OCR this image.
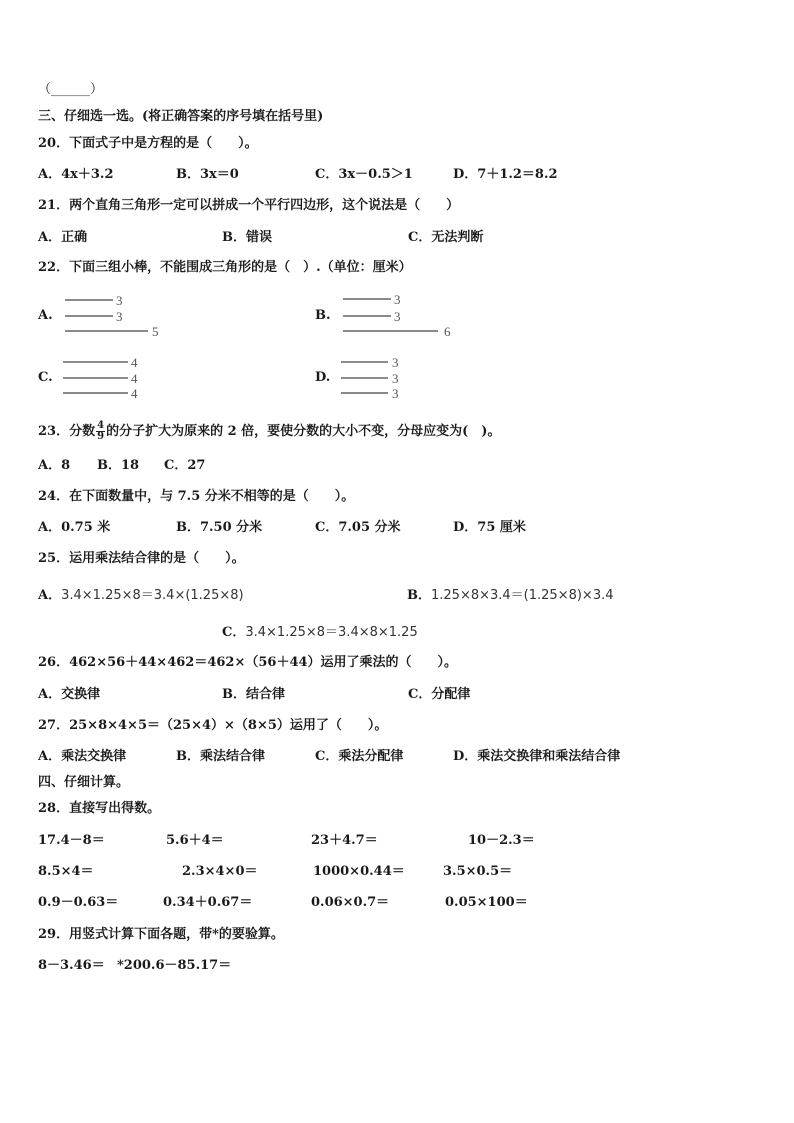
（______）
三、仔细选一选。(将正确答案的序号填在括号里)
20．下面式子中是方程的是（　　）。
A．4x＋3.2	B．3x＝0	C．3x－0.5＞1	D．7＋1.2＝8.2
21．两个直角三角形一定可以拼成一个平行四边形，这个说法是（　　）
A．正确	B．错误	C．无法判断
22．下面三组小棒，不能围成三角形的是（　）.（单位：厘米）
A.
3
3
5
B.
3
3
6
C.
4
4
4
D.
3
3
3
23．分数 $\frac{4}{9}$ 的分子扩大为原来的 2 倍，要使分数的大小不变，分母应变为(　)。
A．8 B．18 C．27
24．在下面数量中，与 7.5 分米不相等的是（　　）。
A．0.75 米	B．7.50 分米	C．7.05 分米	D．75 厘米
25．运用乘法结合律的是（　　）。
A．3.4×1.25×8＝3.4×(1.25×8)	B．1.25×8×3.4＝(1.25×8)×3.4
C．3.4×1.25×8＝3.4×8×1.25
26．462×56＋44×462＝462×（56＋44）运用了乘法的（　　）。
A．交换律	B．结合律	C．分配律
27．25×8×4×5＝（25×4）×（8×5）运用了（　　）。
A．乘法交换律	B．乘法结合律	C．乘法分配律	D．乘法交换律和乘法结合律
四、仔细计算。
28．直接写出得数。
17.4－8＝	5.6＋4＝	23＋4.7＝	10－2.3＝
8.5×4＝	2.3×4×0＝	1000×0.44＝	3.5×0.5＝
0.9－0.63＝	0.34＋0.67＝	0.06×0.7＝	0.05×100＝
29．用竖式计算下面各题，带*的要验算。
8－3.46＝ *200.6－85.17＝
